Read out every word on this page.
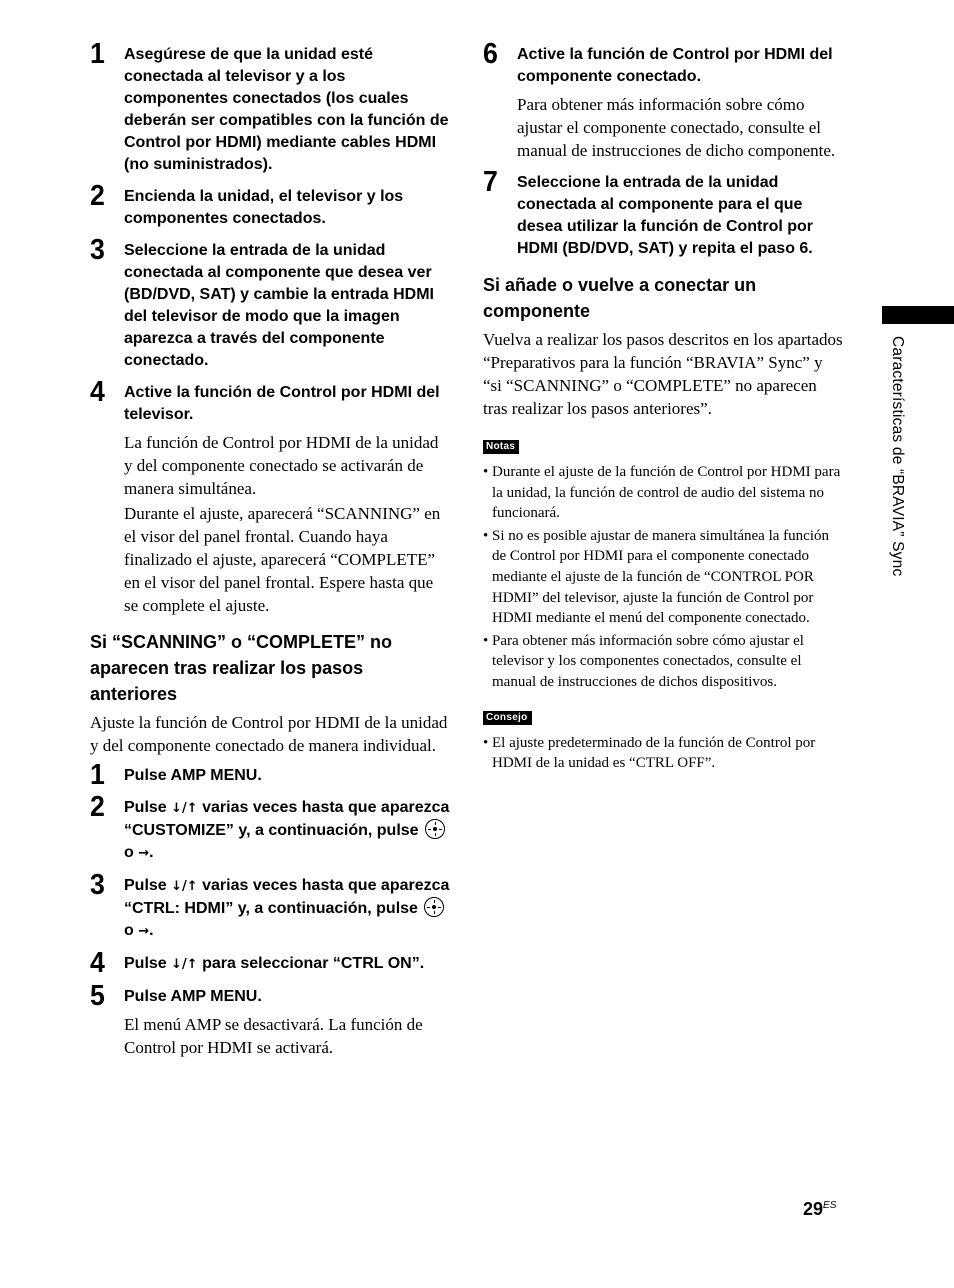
1 Asegúrese de que la unidad esté conectada al televisor y a los componentes conectados (los cuales deberán ser compatibles con la función de Control por HDMI) mediante cables HDMI (no suministrados).

2 Encienda la unidad, el televisor y los componentes conectados.

3 Seleccione la entrada de la unidad conectada al componente que desea ver (BD/DVD, SAT) y cambie la entrada HDMI del televisor de modo que la imagen aparezca a través del componente conectado.

4 Active la función de Control por HDMI del televisor.

La función de Control por HDMI de la unidad y del componente conectado se activarán de manera simultánea.

Durante el ajuste, aparecerá “SCANNING” en el visor del panel frontal. Cuando haya finalizado el ajuste, aparecerá “COMPLETE” en el visor del panel frontal. Espere hasta que se complete el ajuste.

Si “SCANNING” o “COMPLETE” no aparecen tras realizar los pasos anteriores

Ajuste la función de Control por HDMI de la unidad y del componente conectado de manera individual.

1 Pulse AMP MENU.

2 Pulse ↓/↑ varias veces hasta que aparezca “CUSTOMIZE” y, a continuación, pulse
o →.

3 Pulse ↓/↑ varias veces hasta que aparezca “CTRL: HDMI” y, a continuación, pulse
o →.

4 Pulse ↓/↑ para seleccionar “CTRL ON”.

5 Pulse AMP MENU.

El menú AMP se desactivará. La función de Control por HDMI se activará.

6 Active la función de Control por HDMI del componente conectado.

Para obtener más información sobre cómo ajustar el componente conectado, consulte el manual de instrucciones de dicho componente.

7 Seleccione la entrada de la unidad conectada al componente para el que desea utilizar la función de Control por HDMI (BD/DVD, SAT) y repita el paso 6.

Si añade o vuelve a conectar un componente

Vuelva a realizar los pasos descritos en los apartados “Preparativos para la función “BRAVIA” Sync” y “si “SCANNING” o “COMPLETE” no aparecen tras realizar los pasos anteriores”.

Notas
• Durante el ajuste de la función de Control por HDMI para la unidad, la función de control de audio del sistema no funcionará.
• Si no es posible ajustar de manera simultánea la función de Control por HDMI para el componente conectado mediante el ajuste de la función de “CONTROL POR HDMI” del televisor, ajuste la función de Control por HDMI mediante el menú del componente conectado.
• Para obtener más información sobre cómo ajustar el televisor y los componentes conectados, consulte el manual de instrucciones de dichos dispositivos.
Consejo
• El ajuste predeterminado de la función de Control por HDMI de la unidad es “CTRL OFF”.
Características de “BRAVIA” Sync
$29^{ES}$
